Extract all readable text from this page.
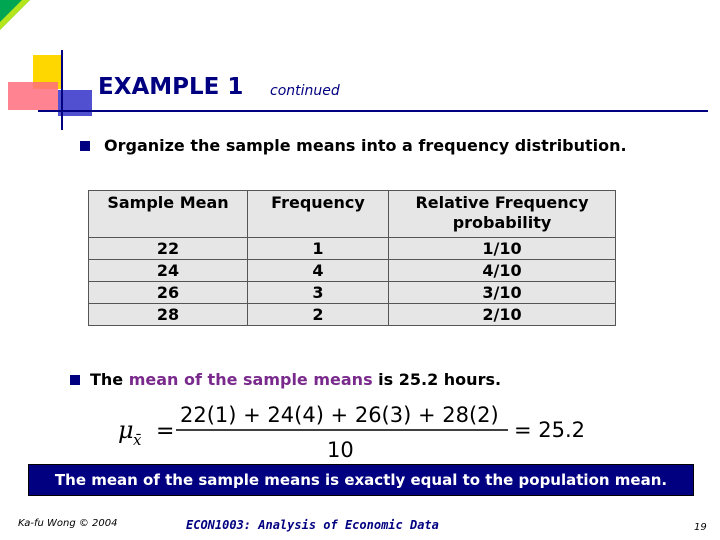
EXAMPLE 1 continued
Organize the sample means into a frequency distribution.
Sample Mean	Frequency	Relative Frequency probability
22	1	1/10
24	4	4/10
26	3	3/10
28	2	2/10
The mean of the sample means is 25.2 hours.
μ x̄ =
22(1) + 24(4) + 26(3) + 28(2)
10
= 25.2
The mean of the sample means is exactly equal to the population mean.
Ka-fu Wong © 2004	ECON1003: Analysis of Economic Data	19
